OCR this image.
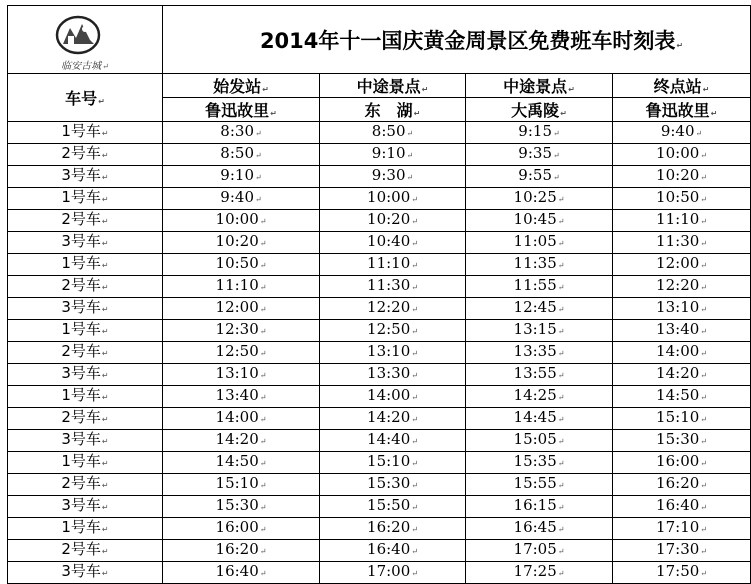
临安古城↵	2014年十一国庆黄金周景区免费班车时刻表↵			
车号↵	始发站↵	中途景点↵	中途景点↵	终点站↵
	鲁迅故里↵	东　湖↵	大禹陵↵	鲁迅故里↵
1号车↵	8:30↵	8:50↵	9:15↵	9:40↵
2号车↵	8:50↵	9:10↵	9:35↵	10:00↵
3号车↵	9:10↵	9:30↵	9:55↵	10:20↵
1号车↵	9:40↵	10:00↵	10:25↵	10:50↵
2号车↵	10:00↵	10:20↵	10:45↵	11:10↵
3号车↵	10:20↵	10:40↵	11:05↵	11:30↵
1号车↵	10:50↵	11:10↵	11:35↵	12:00↵
2号车↵	11:10↵	11:30↵	11:55↵	12:20↵
3号车↵	12:00↵	12:20↵	12:45↵	13:10↵
1号车↵	12:30↵	12:50↵	13:15↵	13:40↵
2号车↵	12:50↵	13:10↵	13:35↵	14:00↵
3号车↵	13:10↵	13:30↵	13:55↵	14:20↵
1号车↵	13:40↵	14:00↵	14:25↵	14:50↵
2号车↵	14:00↵	14:20↵	14:45↵	15:10↵
3号车↵	14:20↵	14:40↵	15:05↵	15:30↵
1号车↵	14:50↵	15:10↵	15:35↵	16:00↵
2号车↵	15:10↵	15:30↵	15:55↵	16:20↵
3号车↵	15:30↵	15:50↵	16:15↵	16:40↵
1号车↵	16:00↵	16:20↵	16:45↵	17:10↵
2号车↵	16:20↵	16:40↵	17:05↵	17:30↵
3号车↵	16:40↵	17:00↵	17:25↵	17:50↵
